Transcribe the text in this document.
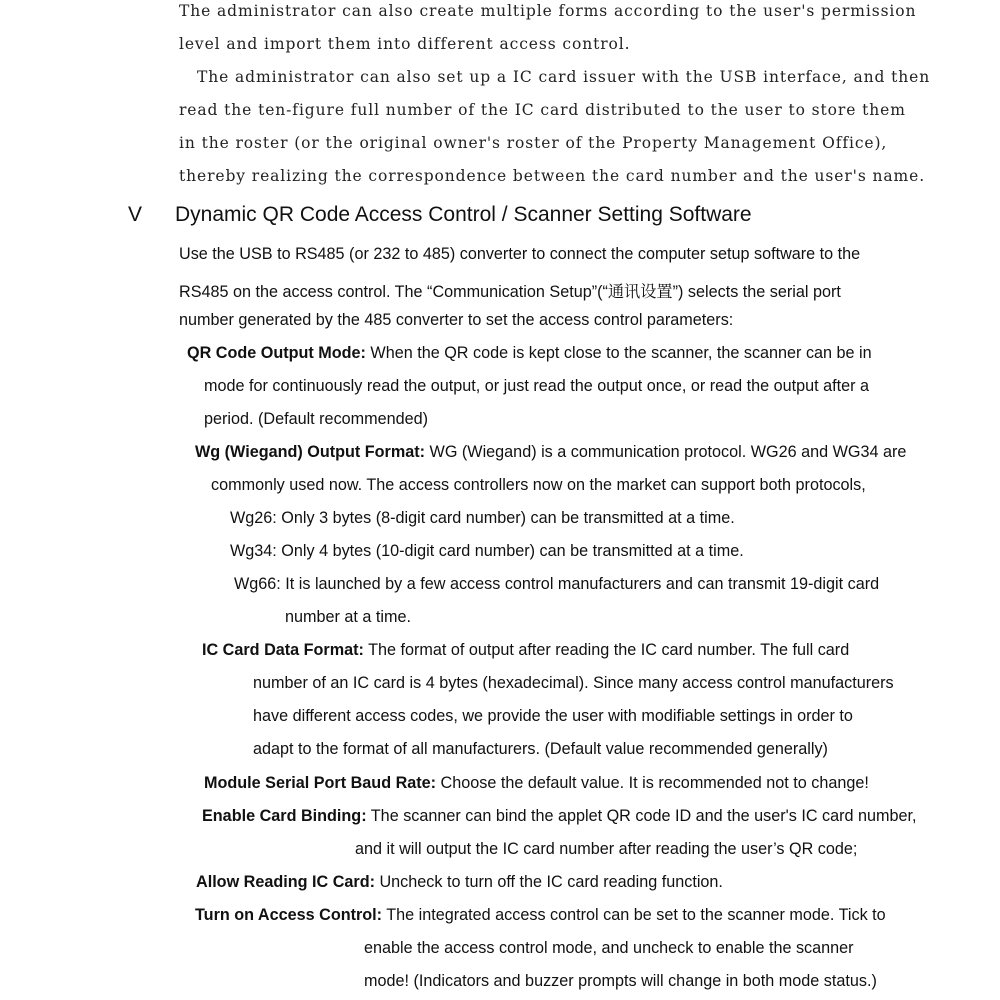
The administrator can also create multiple forms according to the user's permission

level and import them into different access control.

The administrator can also set up a IC card issuer with the USB interface, and then

read the ten-figure full number of the IC card distributed to the user to store them

in the roster (or the original owner's roster of the Property Management Office),

thereby realizing the correspondence between the card number and the user's name.

V Dynamic QR Code Access Control / Scanner Setting Software

Use the USB to RS485 (or 232 to 485) converter to connect the computer setup software to the

RS485 on the access control. The “Communication Setup”(“通讯设置”) selects the serial port

number generated by the 485 converter to set the access control parameters:

QR Code Output Mode: When the QR code is kept close to the scanner, the scanner can be in

mode for continuously read the output, or just read the output once, or read the output after a

period. (Default recommended)

Wg (Wiegand) Output Format: WG (Wiegand) is a communication protocol. WG26 and WG34 are

commonly used now. The access controllers now on the market can support both protocols,

Wg26: Only 3 bytes (8-digit card number) can be transmitted at a time.

Wg34: Only 4 bytes (10-digit card number) can be transmitted at a time.

Wg66: It is launched by a few access control manufacturers and can transmit 19-digit card

number at a time.

IC Card Data Format: The format of output after reading the IC card number. The full card

number of an IC card is 4 bytes (hexadecimal). Since many access control manufacturers

have different access codes, we provide the user with modifiable settings in order to

adapt to the format of all manufacturers. (Default value recommended generally)

Module Serial Port Baud Rate: Choose the default value. It is recommended not to change!

Enable Card Binding: The scanner can bind the applet QR code ID and the user's IC card number,

and it will output the IC card number after reading the user’s QR code;

Allow Reading IC Card: Uncheck to turn off the IC card reading function.

Turn on Access Control: The integrated access control can be set to the scanner mode. Tick to

enable the access control mode, and uncheck to enable the scanner

mode! (Indicators and buzzer prompts will change in both mode status.)
